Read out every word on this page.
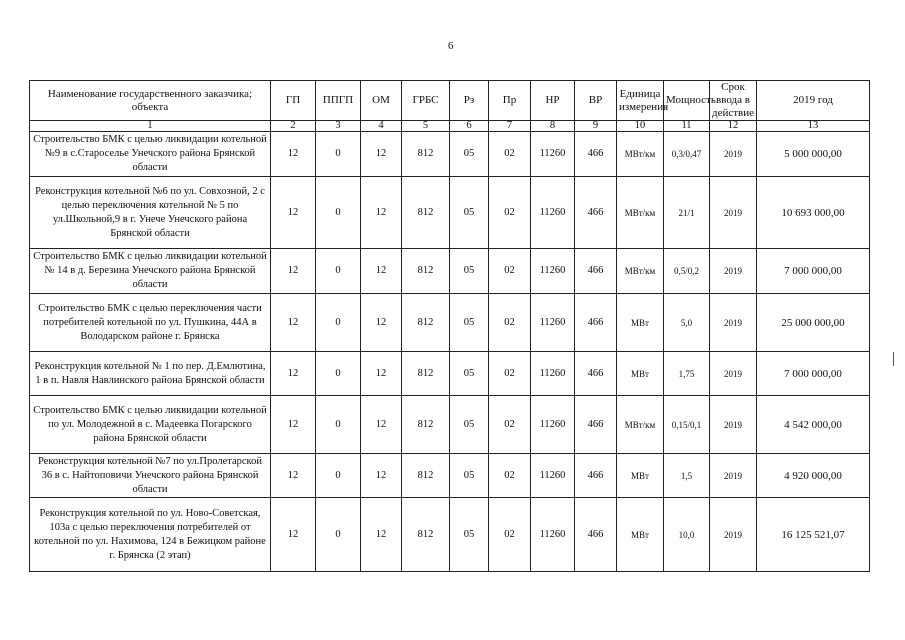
6
Наименование государственного заказчика; объекта	ГП	ППГП	ОМ	ГРБС	Рз	Пр	НР	ВР	Единица измерения	Мощность	Срок ввода в действие	2019 год
1	2	3	4	5	6	7	8	9	10	11	12	13
Строительство БМК с целью ликвидации котельной №9 в с.Староселье Унечского района Брянской области	12	0	12	812	05	02	11260	466	МВт/км	0,3/0,47	2019	5 000 000,00
Реконструкция котельной №6 по ул. Совхозной, 2 с целью переключения котельной № 5 по ул.Школьной,9 в г. Унече Унечского района Брянской области	12	0	12	812	05	02	11260	466	МВт/км	21/1	2019	10 693 000,00
Строительство БМК с целью ликвидации котельной № 14 в д. Березина Унечского района Брянской области	12	0	12	812	05	02	11260	466	МВт/км	0,5/0,2	2019	7 000 000,00
Строительство БМК с целью переключения части потребителей котельной по ул. Пушкина, 44А в Володарском районе г. Брянска	12	0	12	812	05	02	11260	466	МВт	5,0	2019	25 000 000,00
Реконструкция котельной № 1 по пер. Д.Емлютина, 1 в п. Навля Навлинского района Брянской области	12	0	12	812	05	02	11260	466	МВт	1,75	2019	7 000 000,00
Строительство БМК с целью ликвидации котельной по ул. Молодежной в с. Мадеевка Погарского района Брянской области	12	0	12	812	05	02	11260	466	МВт/км	0,15/0,1	2019	4 542 000,00
Реконструкция котельной №7 по ул.Пролетарской 36 в с. Найтоповичи Унечского района Брянской области	12	0	12	812	05	02	11260	466	МВт	1,5	2019	4 920 000,00
Реконструкция котельной по ул. Ново-Советская, 103а с целью переключения потребителей от котельной по ул. Нахимова, 124 в Бежицком районе г. Брянска (2 этап)	12	0	12	812	05	02	11260	466	МВт	10,0	2019	16 125 521,07
